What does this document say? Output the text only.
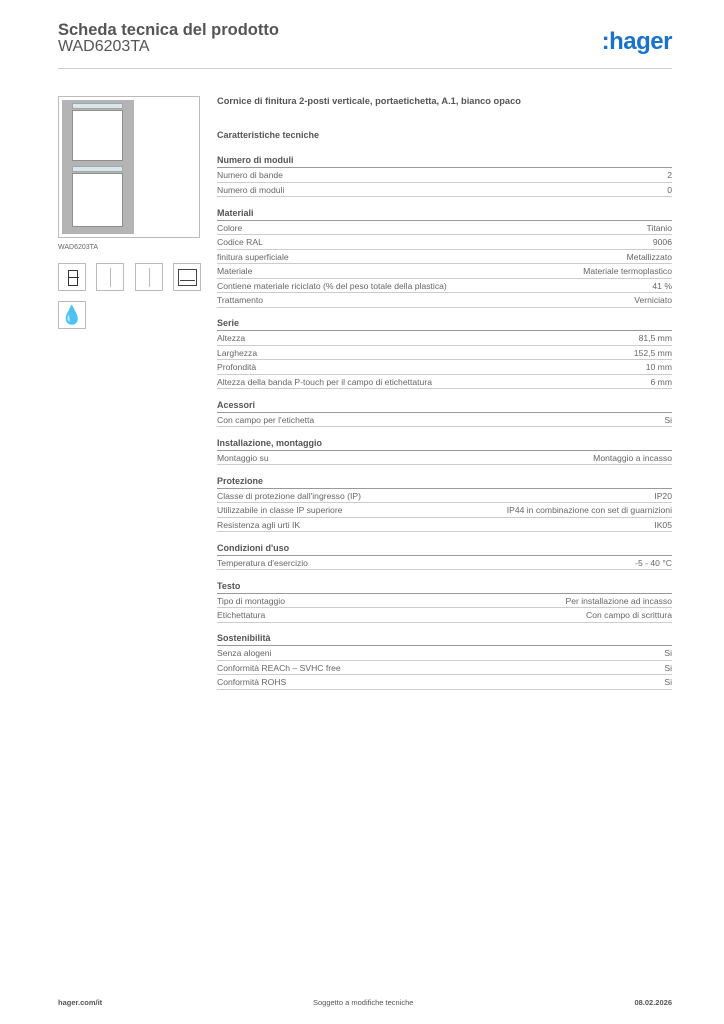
Scheda tecnica del prodotto
WAD6203TA	:hager
WAD6203TA
💧
Cornice di finitura 2-posti verticale, portaetichetta, A.1, bianco opaco
Caratteristiche tecniche
Numero di moduli
Numero di bande	2
Numero di moduli	0
Materiali
Colore	Titanio
Codice RAL	9006
finitura superficiale	Metallizzato
Materiale	Materiale termoplastico
Contiene materiale riciclato (% del peso totale della plastica)	41 %
Trattamento	Verniciato
Serie
Altezza	81,5 mm
Larghezza	152,5 mm
Profondità	10 mm
Altezza della banda P-touch per il campo di etichettatura	6 mm
Acessori
Con campo per l'etichetta	Si
Installazione, montaggio
Montaggio su	Montaggio a incasso
Protezione
Classe di protezione dall'ingresso (IP)	IP20
Utilizzabile in classe IP superiore	IP44 in combinazione con set di guarnizioni
Resistenza agli urti IK	IK05
Condizioni d'uso
Temperatura d'esercizio	-5 - 40 °C
Testo
Tipo di montaggio	Per installazione ad incasso
Etichettatura	Con campo di scrittura
Sostenibilità
Senza alogeni	Si
Conformità REACh – SVHC free	Si
Conformità ROHS	Si
hager.com/it	Soggetto a modifiche tecniche	08.02.2026
